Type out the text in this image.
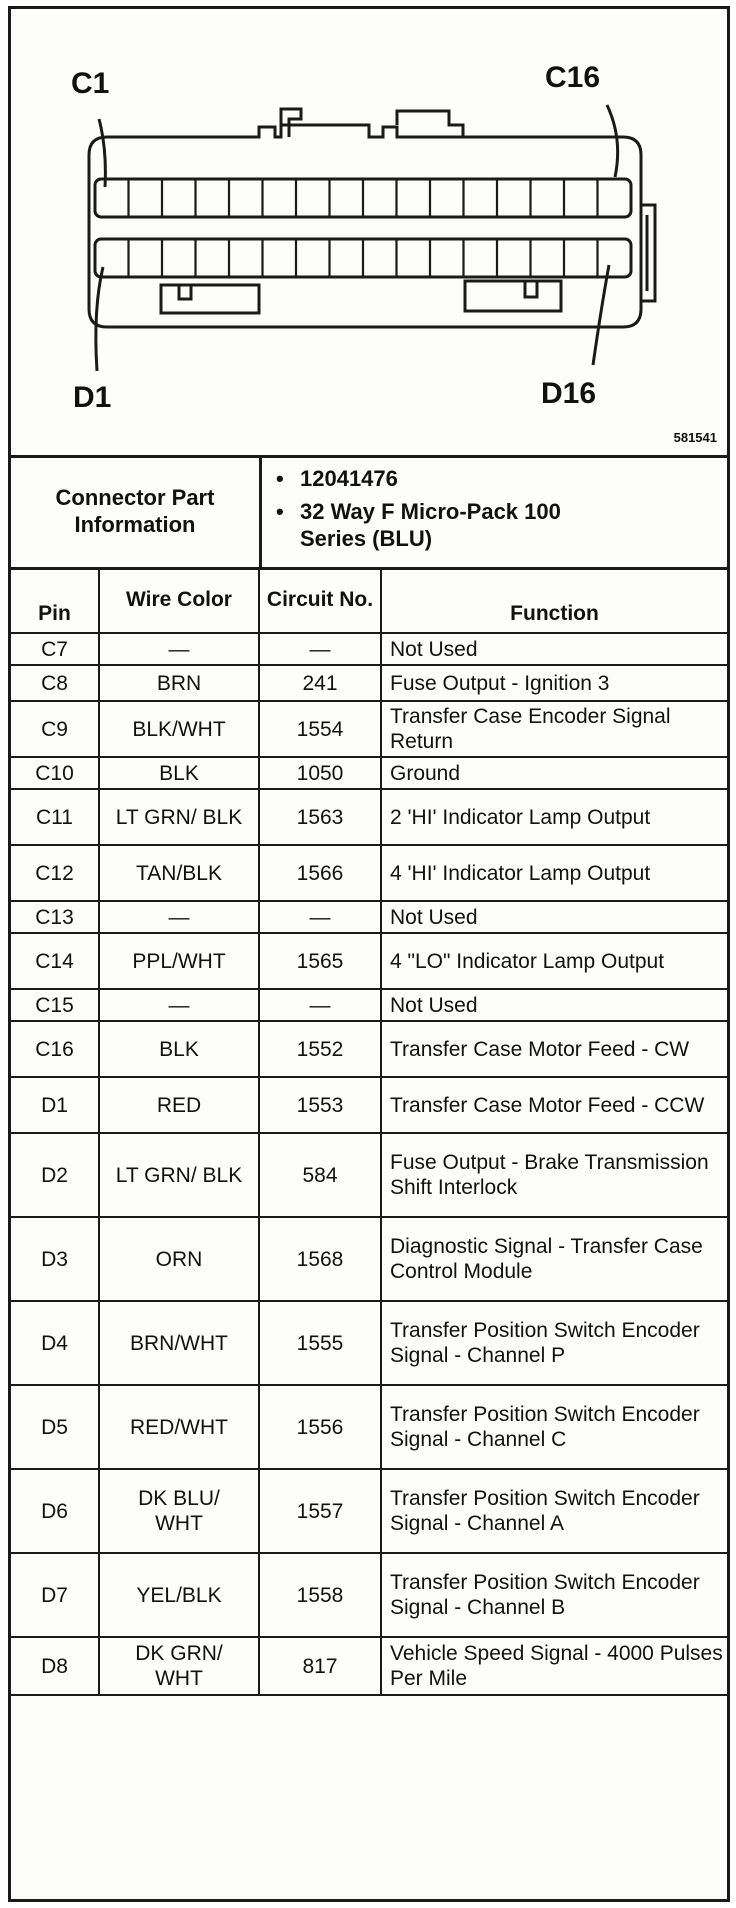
C1	C16
D1	D16
581541
Connector Part Information
• 12041476
• 32 Way F Micro-Pack 100 Series (BLU)
Pin	Wire Color	Circuit No.	Function
C7	—	—	Not Used
C8	BRN	241	Fuse Output - Ignition 3
C9	BLK/WHT	1554	Transfer Case Encoder Signal Return
C10	BLK	1050	Ground
C11	LT GRN/ BLK	1563	2 'HI' Indicator Lamp Output
C12	TAN/BLK	1566	4 'HI' Indicator Lamp Output
C13	—	—	Not Used
C14	PPL/WHT	1565	4 "LO" Indicator Lamp Output
C15	—	—	Not Used
C16	BLK	1552	Transfer Case Motor Feed - CW
D1	RED	1553	Transfer Case Motor Feed - CCW
D2	LT GRN/ BLK	584	Fuse Output - Brake Transmission Shift Interlock
D3	ORN	1568	Diagnostic Signal - Transfer Case Control Module
D4	BRN/WHT	1555	Transfer Position Switch Encoder Signal - Channel P
D5	RED/WHT	1556	Transfer Position Switch Encoder Signal - Channel C
D6	DK BLU/ WHT	1557	Transfer Position Switch Encoder Signal - Channel A
D7	YEL/BLK	1558	Transfer Position Switch Encoder Signal - Channel B
D8	DK GRN/ WHT	817	Vehicle Speed Signal - 4000 Pulses Per Mile
